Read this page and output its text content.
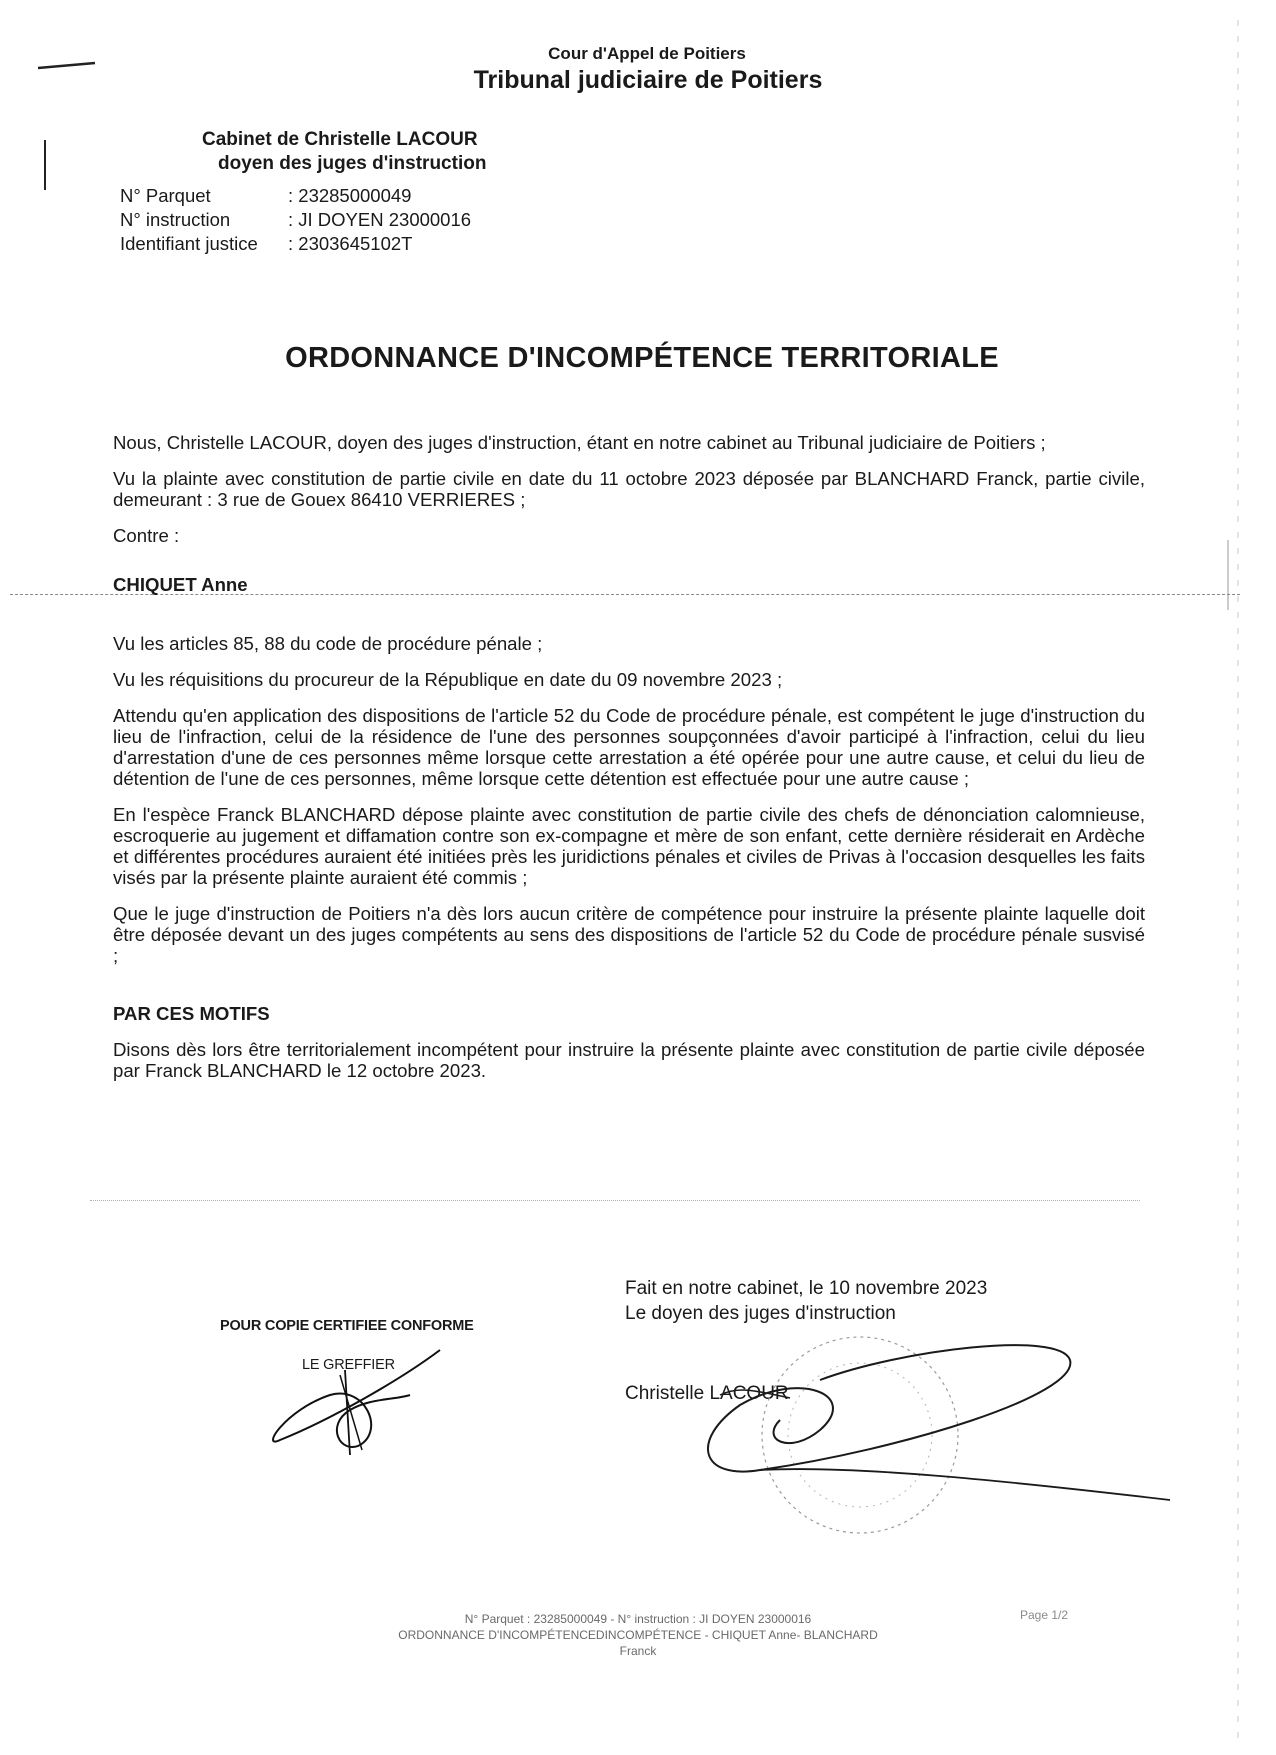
Cour d'Appel de Poitiers
Tribunal judiciaire de Poitiers
Cabinet de Christelle LACOUR
doyen des juges d'instruction
N° Parquet	: 23285000049
N° instruction	: JI DOYEN 23000016
Identifiant justice	: 2303645102T
ORDONNANCE D'INCOMPÉTENCE TERRITORIALE

Nous, Christelle LACOUR, doyen des juges d'instruction, étant en notre cabinet au Tribunal judiciaire de Poitiers ;

Vu la plainte avec constitution de partie civile en date du 11 octobre 2023 déposée par BLANCHARD Franck, partie civile, demeurant : 3 rue de Gouex 86410 VERRIERES ;

Contre :

CHIQUET Anne

Vu les articles 85, 88 du code de procédure pénale ;

Vu les réquisitions du procureur de la République en date du 09 novembre 2023 ;

Attendu qu'en application des dispositions de l'article 52 du Code de procédure pénale, est compétent le juge d'instruction du lieu de l'infraction, celui de la résidence de l'une des personnes soupçonnées d'avoir participé à l'infraction, celui du lieu d'arrestation d'une de ces personnes même lorsque cette arrestation a été opérée pour une autre cause, et celui du lieu de détention de l'une de ces personnes, même lorsque cette détention est effectuée pour une autre cause ;

En l'espèce Franck BLANCHARD dépose plainte avec constitution de partie civile des chefs de dénonciation calomnieuse, escroquerie au jugement et diffamation contre son ex-compagne et mère de son enfant, cette dernière résiderait en Ardèche et différentes procédures auraient été initiées près les juridictions pénales et civiles de Privas à l'occasion desquelles les faits visés par la présente plainte auraient été commis ;

Que le juge d'instruction de Poitiers n'a dès lors aucun critère de compétence pour instruire la présente plainte laquelle doit être déposée devant un des juges compétents au sens des dispositions de l'article 52 du Code de procédure pénale susvisé ;

PAR CES MOTIFS

Disons dès lors être territorialement incompétent pour instruire la présente plainte avec constitution de partie civile déposée par Franck BLANCHARD le 12 octobre 2023.

Fait en notre cabinet, le 10 novembre 2023
Le doyen des juges d'instruction
Christelle LACOUR
POUR COPIE CERTIFIEE CONFORME
LE GREFFIER
N° Parquet : 23285000049 - N° instruction : JI DOYEN 23000016
ORDONNANCE D'INCOMPÉTENCEDINCOMPÉTENCE - CHIQUET Anne- BLANCHARD
Franck
Page 1/2
